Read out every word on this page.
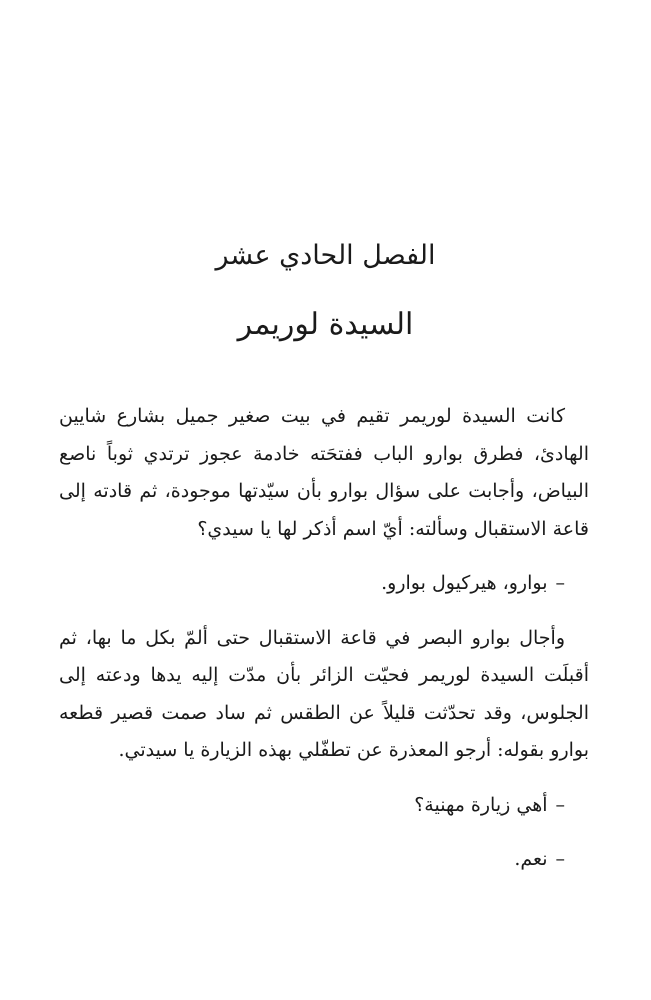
الفصل الحادي عشر
السيدة لوريمر

كانت السيدة لوريمر تقيم في بيت صغير جميل بشارع شايين الهادئ، فطرق بوارو الباب ففتحَته خادمة عجوز ترتدي ثوباً ناصع البياض، وأجابت على سؤال بوارو بأن سيّدتها موجودة، ثم قادته إلى قاعة الاستقبال وسألته: أيّ اسم أذكر لها يا سيدي؟

–بوارو، هيركيول بوارو.

وأجال بوارو البصر في قاعة الاستقبال حتى ألمّ بكل ما بها، ثم أقبلَت السيدة لوريمر فحيّت الزائر بأن مدّت إليه يدها ودعته إلى الجلوس، وقد تحدّثت قليلاً عن الطقس ثم ساد صمت قصير قطعه بوارو بقوله: أرجو المعذرة عن تطفّلي بهذه الزيارة يا سيدتي.

–أهي زيارة مهنية؟

–نعم.
